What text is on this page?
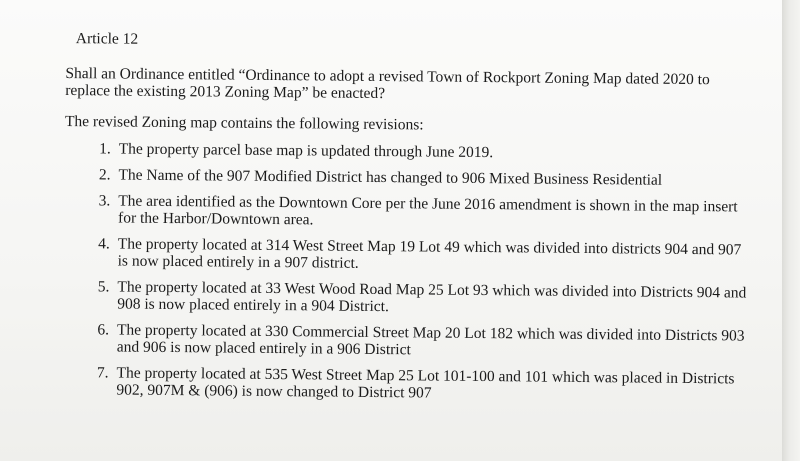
Article 12
Shall an Ordinance entitled “Ordinance to adopt a revised Town of Rockport Zoning Map dated 2020 to replace the existing 2013 Zoning Map” be enacted?
The revised Zoning map contains the following revisions:
1. The property parcel base map is updated through June 2019.
2. The Name of the 907 Modified District has changed to 906 Mixed Business Residential
3. The area identified as the Downtown Core per the June 2016 amendment is shown in the map insert for the Harbor/Downtown area.
4. The property located at 314 West Street Map 19 Lot 49 which was divided into districts 904 and 907 is now placed entirely in a 907 district.
5. The property located at 33 West Wood Road Map 25 Lot 93 which was divided into Districts 904 and 908 is now placed entirely in a 904 District.
6. The property located at 330 Commercial Street Map 20 Lot 182 which was divided into Districts 903 and 906 is now placed entirely in a 906 District
7. The property located at 535 West Street Map 25 Lot 101-100 and 101 which was placed in Districts 902, 907M & (906) is now changed to District 907
